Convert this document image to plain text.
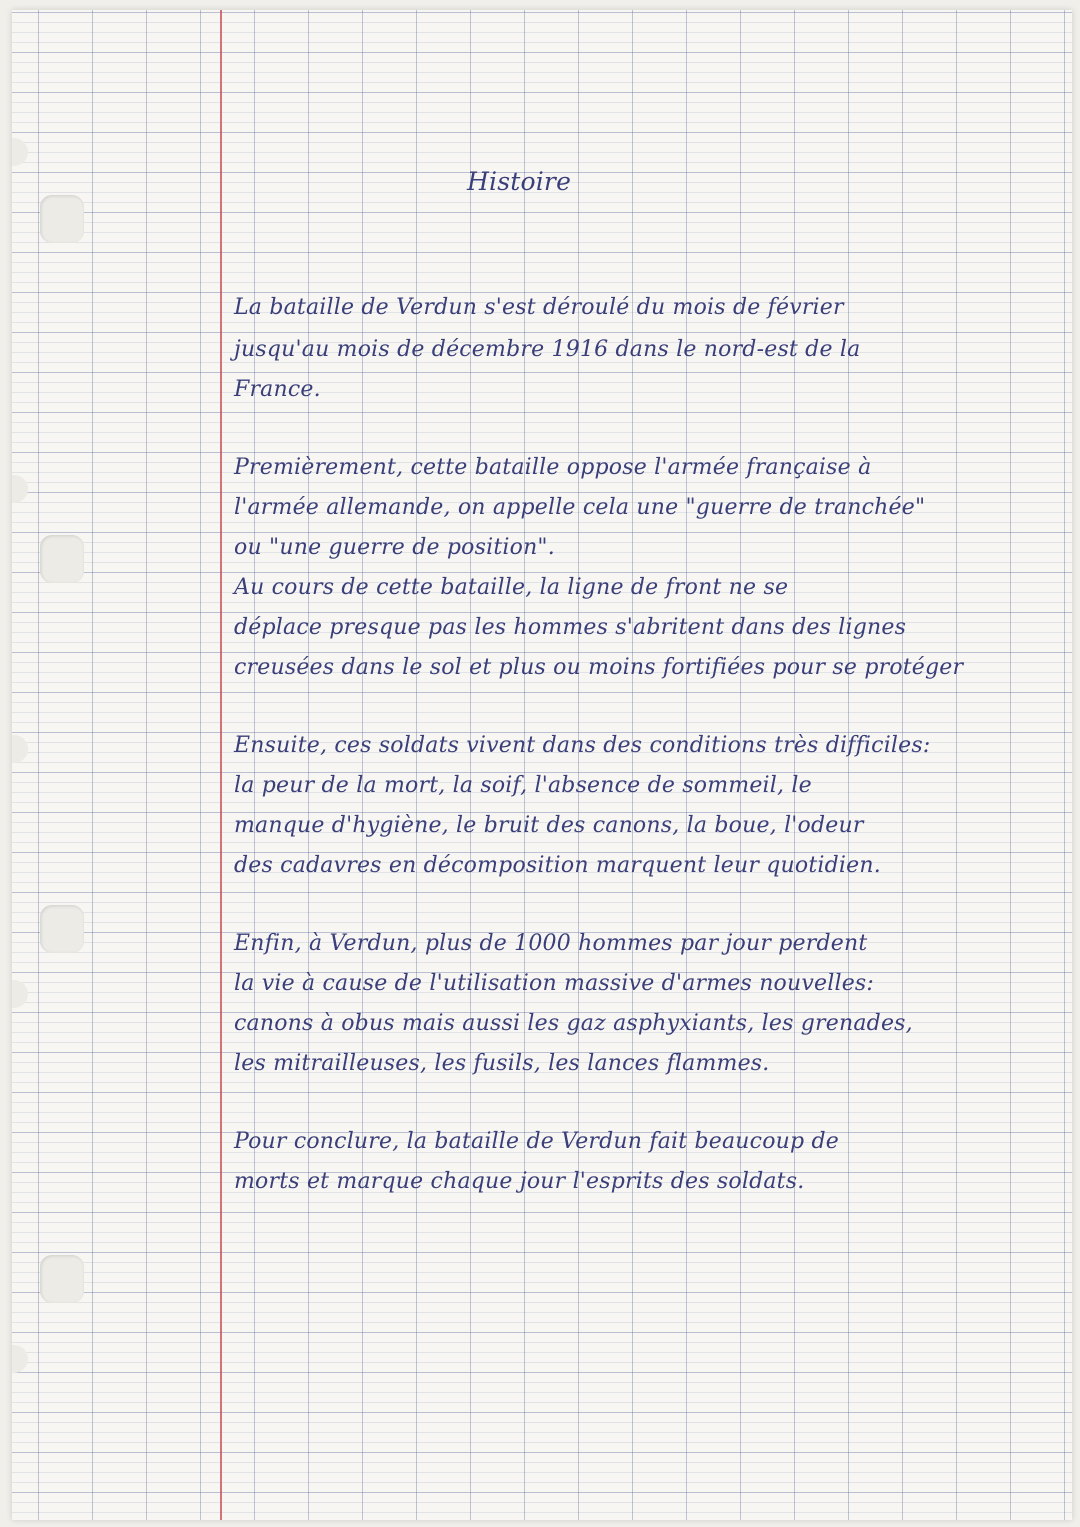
Histoire
La bataille de Verdun s'est déroulé du mois de février
jusqu'au mois de décembre 1916 dans le nord-est de la
France.
Premièrement, cette bataille oppose l'armée française à
l'armée allemande, on appelle cela une "guerre de tranchée"
ou "une guerre de position".
Au cours de cette bataille, la ligne de front ne se
déplace presque pas les hommes s'abritent dans des lignes
creusées dans le sol et plus ou moins fortifiées pour se protéger
Ensuite, ces soldats vivent dans des conditions très difficiles:
la peur de la mort, la soif, l'absence de sommeil, le
manque d'hygiène, le bruit des canons, la boue, l'odeur
des cadavres en décomposition marquent leur quotidien.
Enfin, à Verdun, plus de 1000 hommes par jour perdent
la vie à cause de l'utilisation massive d'armes nouvelles:
canons à obus mais aussi les gaz asphyxiants, les grenades,
les mitrailleuses, les fusils, les lances flammes.
Pour conclure, la bataille de Verdun fait beaucoup de
morts et marque chaque jour l'esprits des soldats.
